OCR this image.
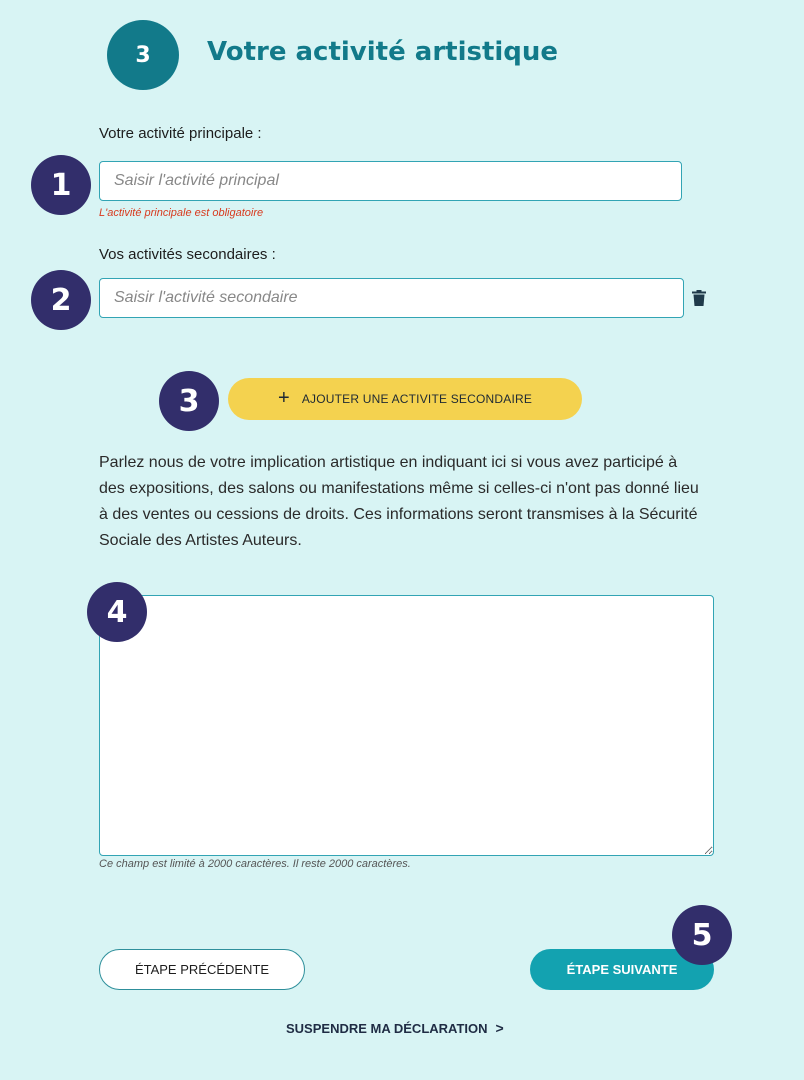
3 Votre activité artistique
Votre activité principale :
Saisir l'activité principal
L'activité principale est obligatoire
Vos activités secondaires :
Saisir l'activité secondaire
+ AJOUTER UNE ACTIVITE SECONDAIRE
Parlez nous de votre implication artistique en indiquant ici si vous avez participé à des expositions, des salons ou manifestations même si celles-ci n'ont pas donné lieu à des ventes ou cessions de droits. Ces informations seront transmises à la Sécurité Sociale des Artistes Auteurs.
Ce champ est limité à 2000 caractères. Il reste 2000 caractères.
ÉTAPE PRÉCÉDENTE	ÉTAPE SUIVANTE
SUSPENDRE MA DÉCLARATION >
1
2
3
4
5
